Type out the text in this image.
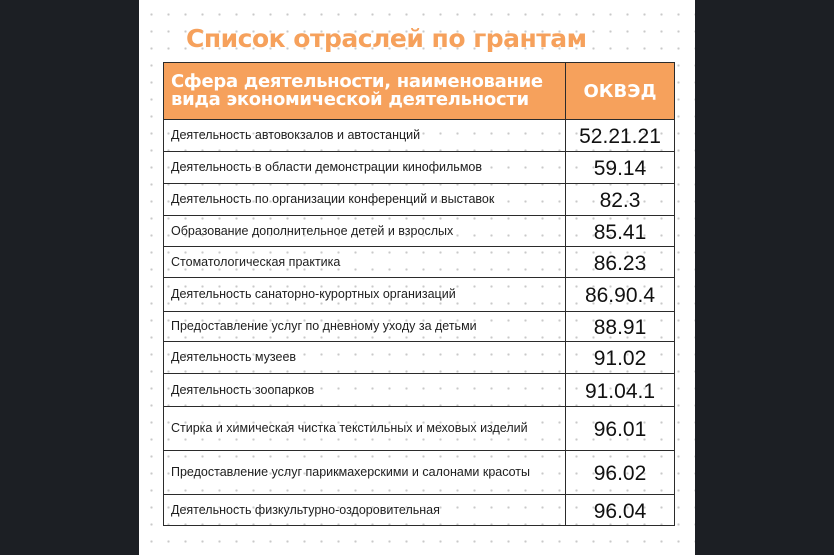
Список отраслей по грантам
Сфера деятельности, наименование вида экономической деятельности	ОКВЭД
Деятельность автовокзалов и автостанций	52.21.21
Деятельность в области демонстрации кинофильмов	59.14
Деятельность по организации конференций и выставок	82.3
Образование дополнительное детей и взрослых	85.41
Стоматологическая практика	86.23
Деятельность санаторно-курортных организаций	86.90.4
Предоставление услуг по дневному уходу за детьми	88.91
Деятельность музеев	91.02
Деятельность зоопарков	91.04.1
Стирка и химическая чистка текстильных и меховых изделий	96.01
Предоставление услуг парикмахерскими и салонами красоты	96.02
Деятельность физкультурно-оздоровительная	96.04
